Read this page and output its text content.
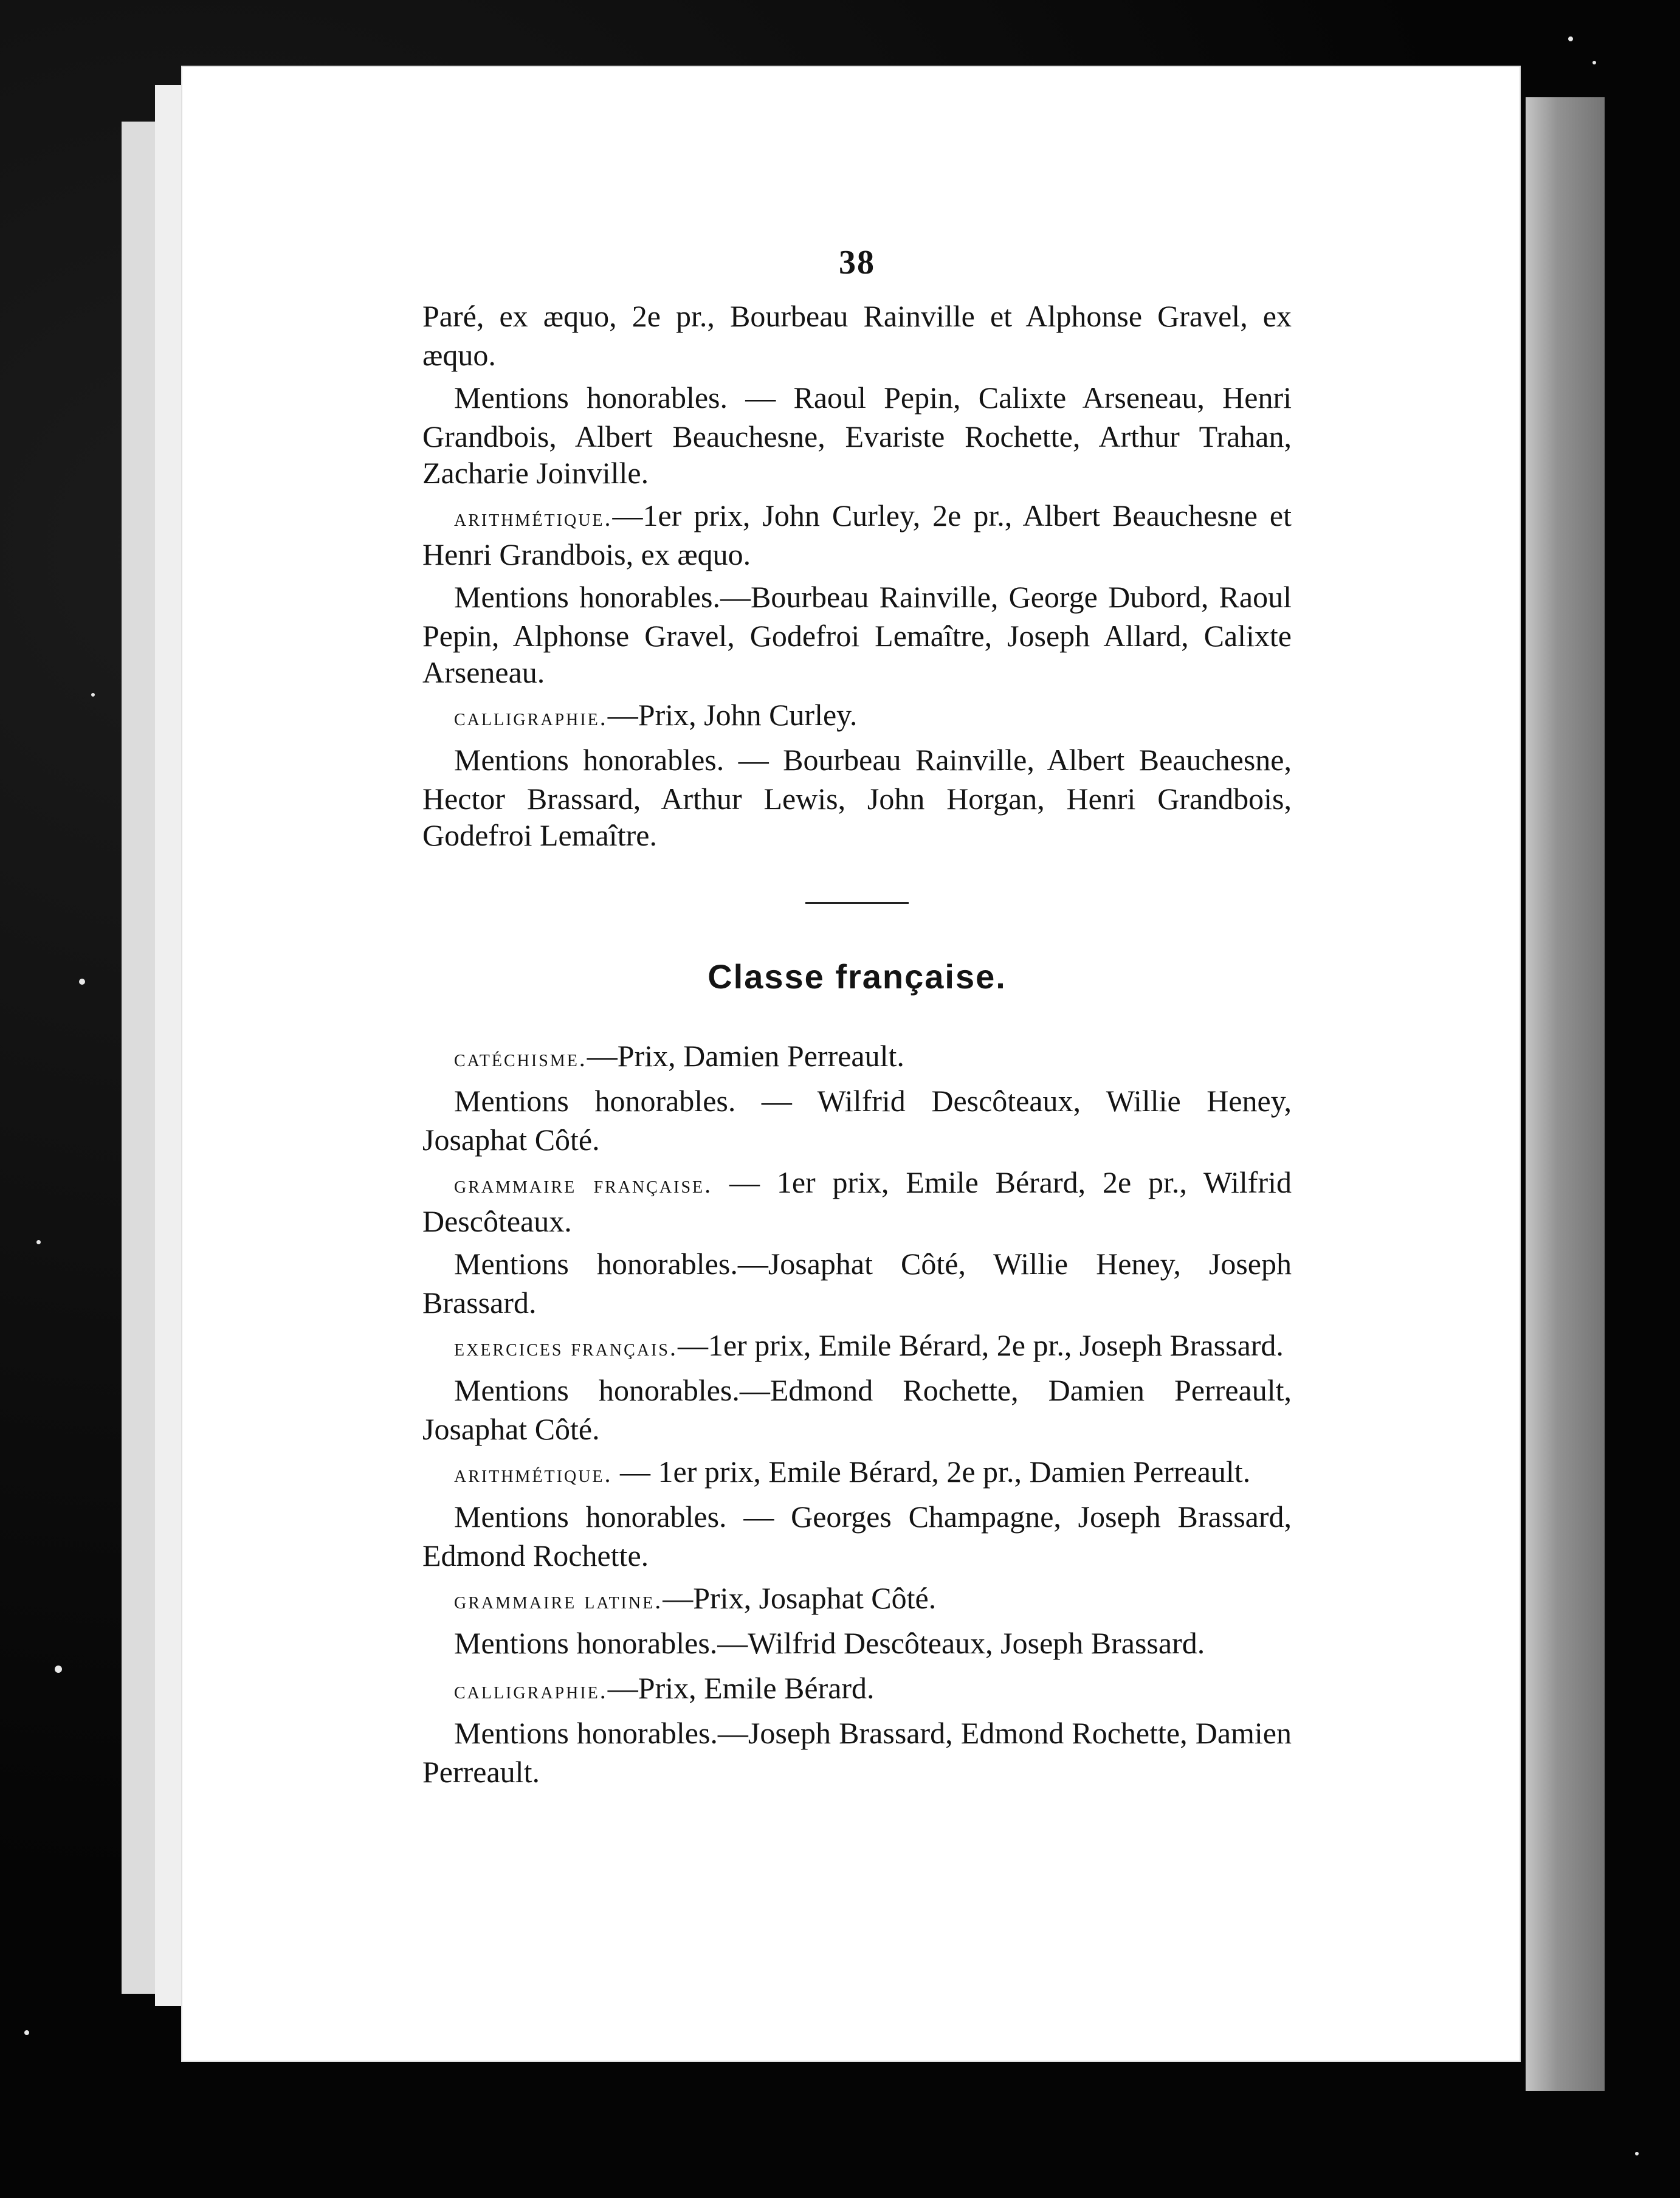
38

Paré, ex æquo, 2e pr., Bourbeau Rainville et Alphonse Gravel, ex æquo.

Mentions honorables. — Raoul Pepin, Calixte Arseneau, Henri Grandbois, Albert Beauchesne, Evariste Rochette, Arthur Trahan, Zacharie Joinville.

arithmétique.—1er prix, John Curley, 2e pr., Albert Beauchesne et Henri Grandbois, ex æquo.

Mentions honorables.—Bourbeau Rainville, George Dubord, Raoul Pepin, Alphonse Gravel, Godefroi Lemaître, Joseph Allard, Calixte Arseneau.

calligraphie.—Prix, John Curley.

Mentions honorables. — Bourbeau Rainville, Albert Beauchesne, Hector Brassard, Arthur Lewis, John Horgan, Henri Grandbois, Godefroi Lemaître.

Classe française.

catéchisme.—Prix, Damien Perreault.

Mentions honorables. — Wilfrid Descôteaux, Willie Heney, Josaphat Côté.

grammaire française. — 1er prix, Emile Bérard, 2e pr., Wilfrid Descôteaux.

Mentions honorables.—Josaphat Côté, Willie Heney, Joseph Brassard.

exercices français.—1er prix, Emile Bérard, 2e pr., Joseph Brassard.

Mentions honorables.—Edmond Rochette, Damien Perreault, Josaphat Côté.

arithmétique. — 1er prix, Emile Bérard, 2e pr., Damien Perreault.

Mentions honorables. — Georges Champagne, Joseph Brassard, Edmond Rochette.

grammaire latine.—Prix, Josaphat Côté.

Mentions honorables.—Wilfrid Descôteaux, Joseph Brassard.

calligraphie.—Prix, Emile Bérard.

Mentions honorables.—Joseph Brassard, Edmond Rochette, Damien Perreault.
